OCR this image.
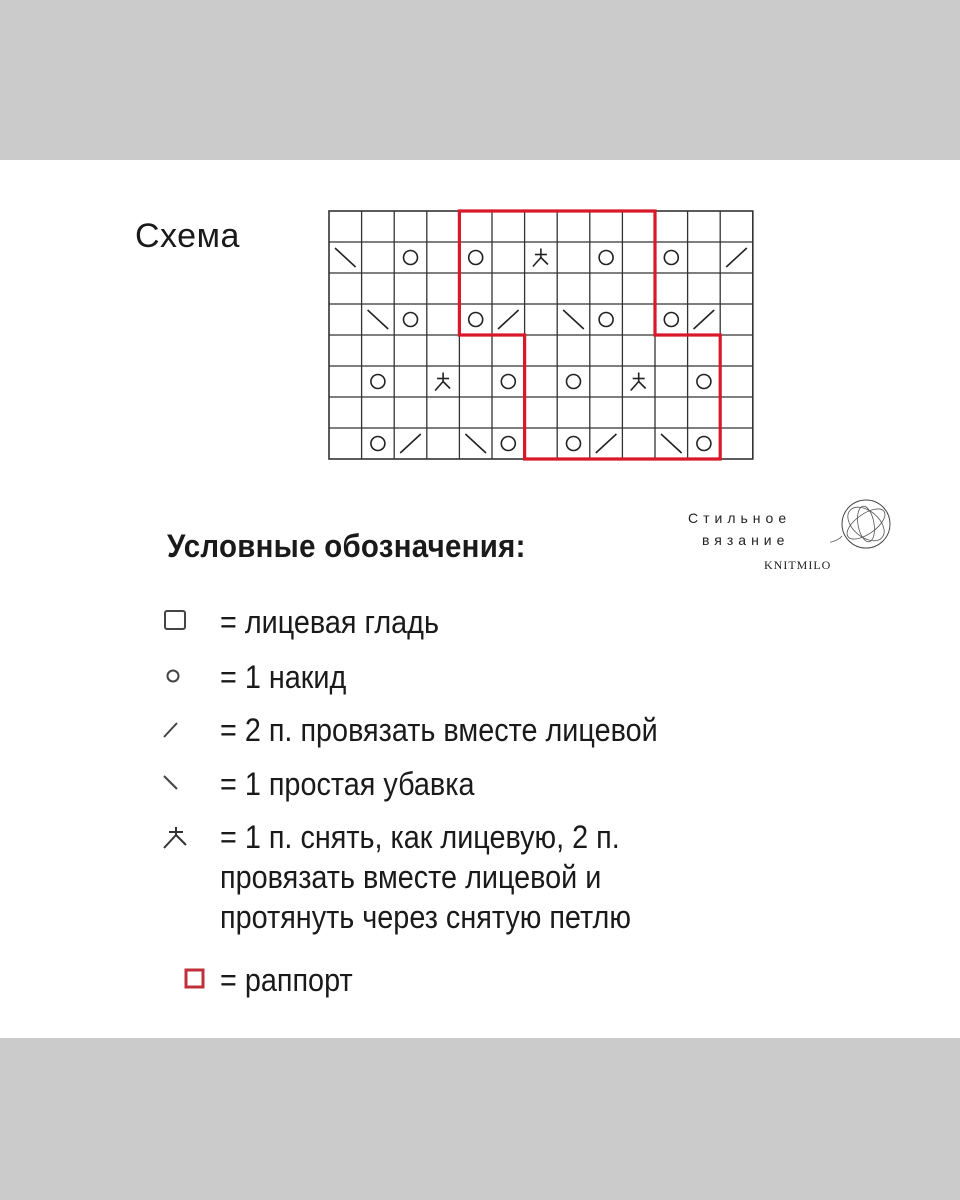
Схема
Условные обозначения:
Стильное
вязание
KNITMILO
= лицевая гладь
= 1 накид
= 2 п. провязать вместе лицевой
= 1 простая убавка
= 1 п. снять, как лицевую, 2 п.
провязать вместе лицевой и
протянуть через снятую петлю
= раппорт
